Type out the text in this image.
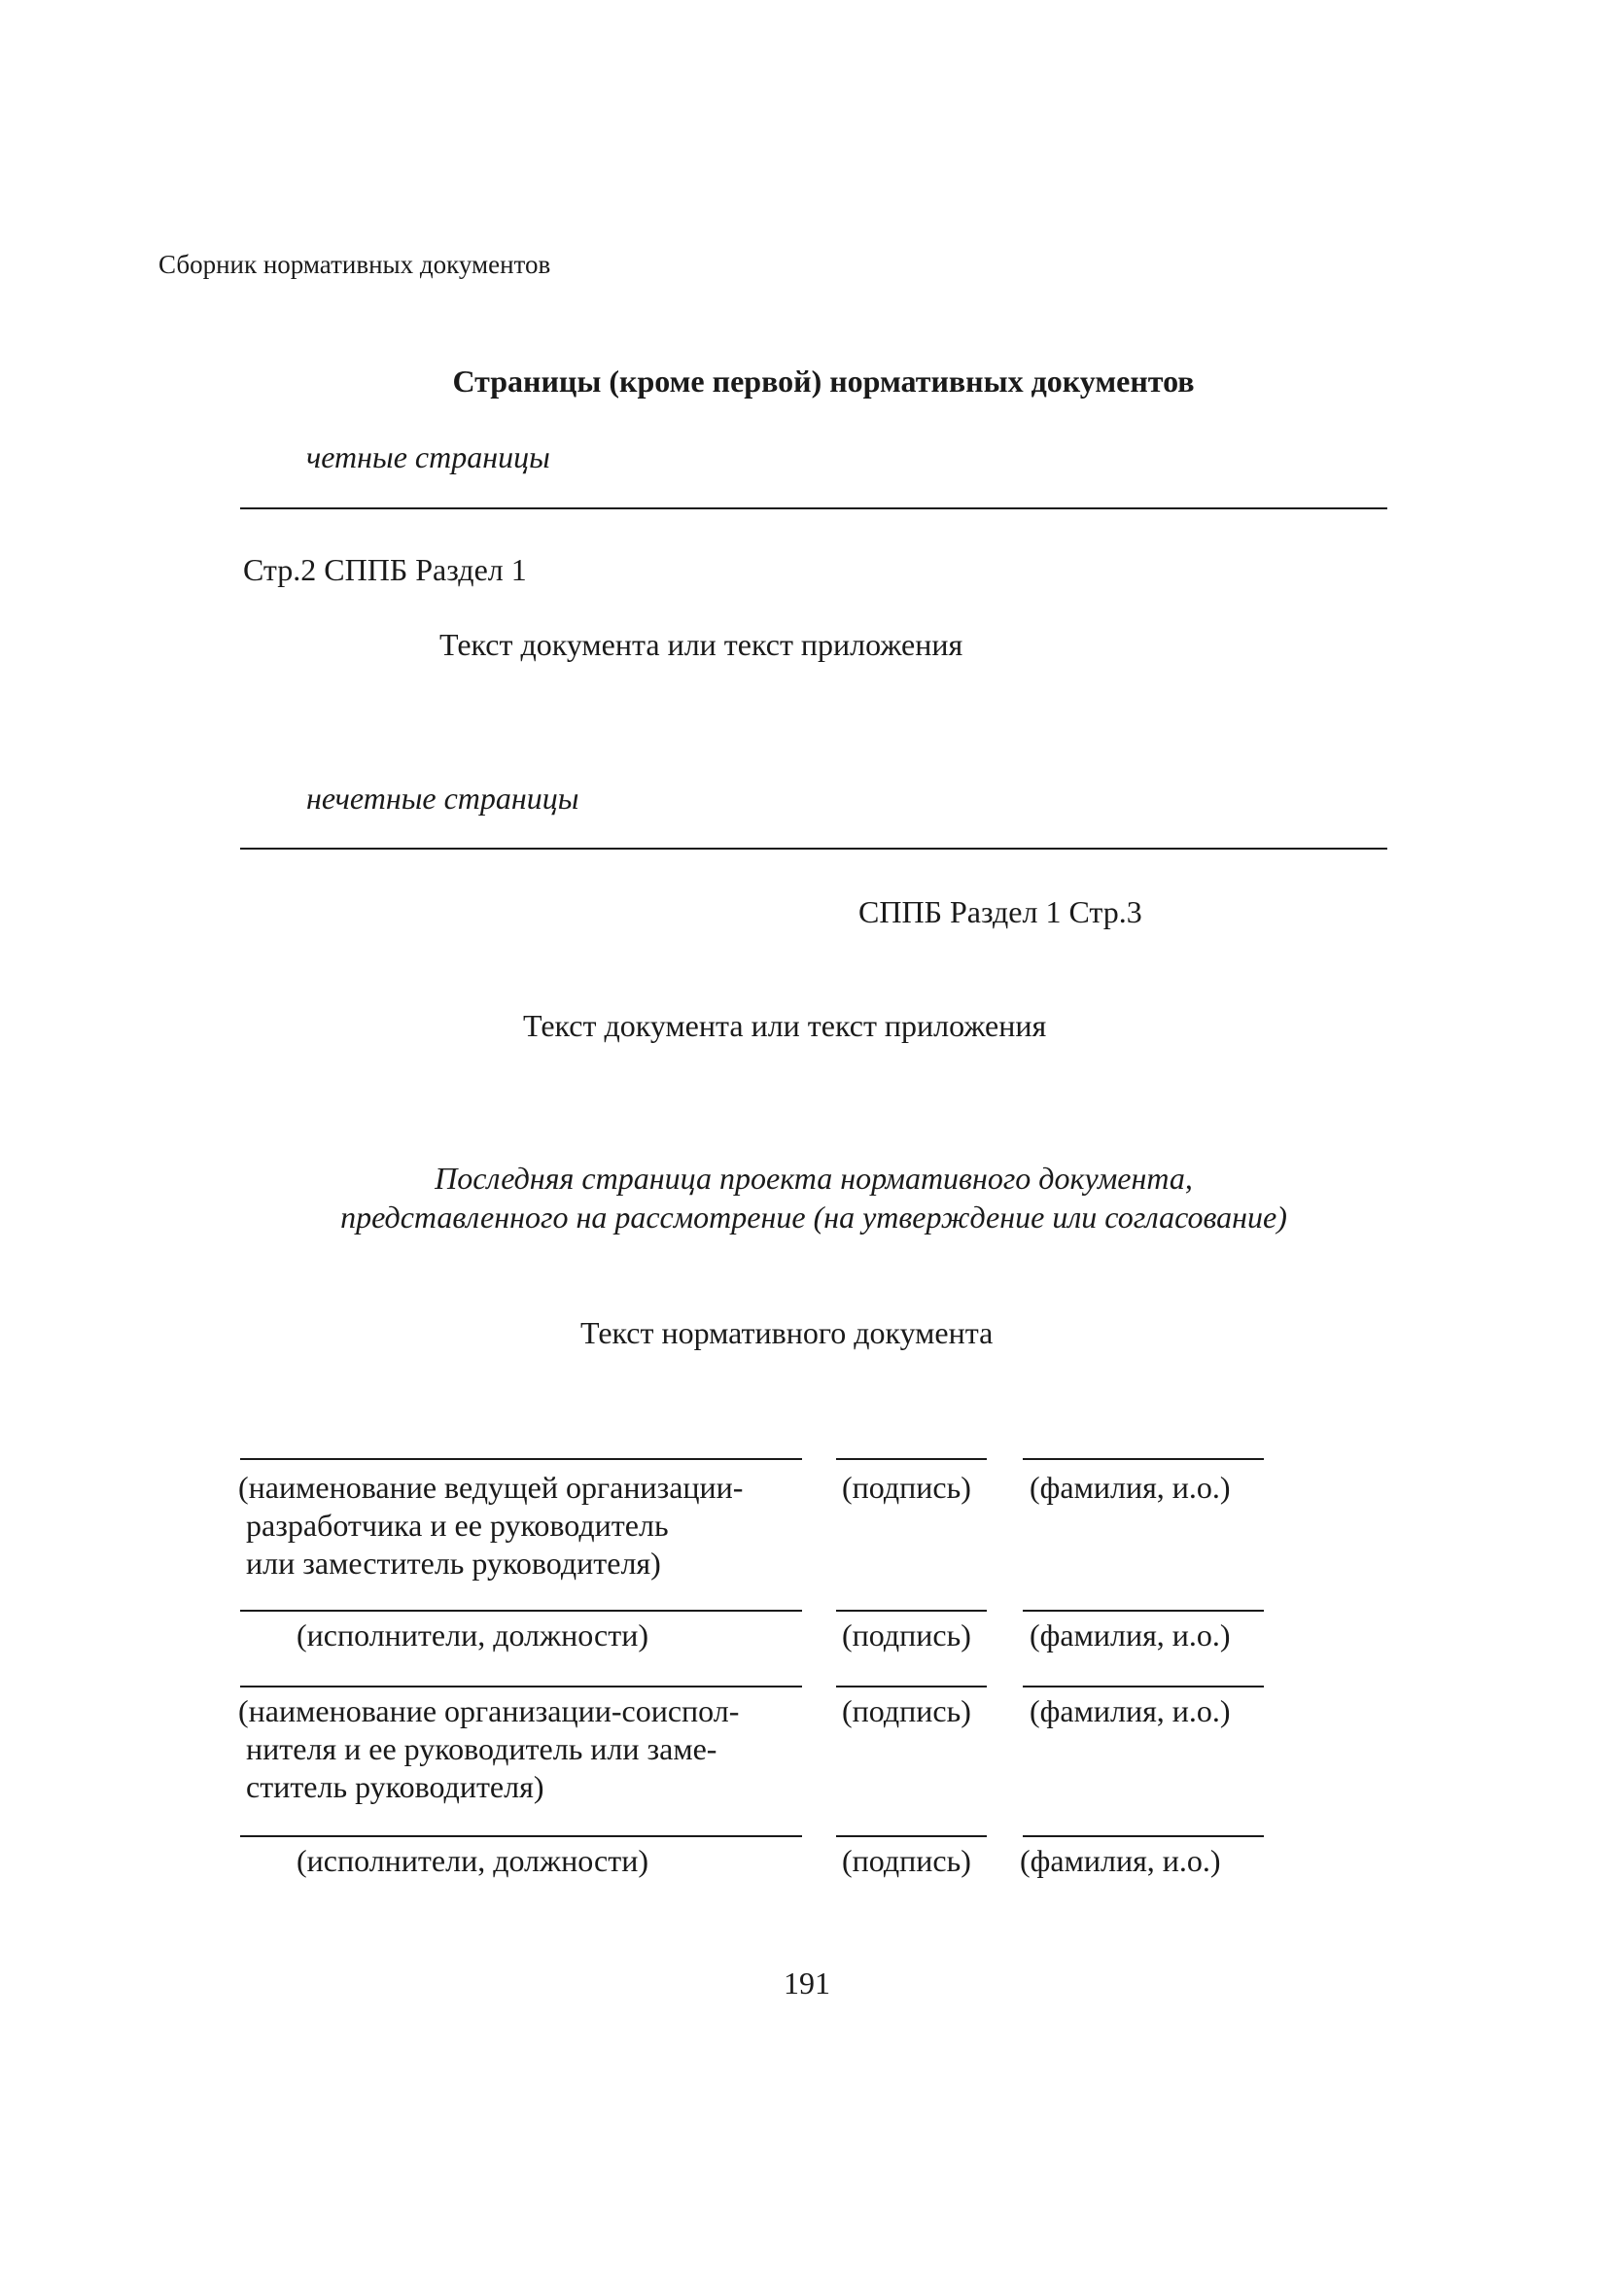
Сборник нормативных документов
Страницы (кроме первой) нормативных документов
четные страницы
Стр.2 СППБ Раздел 1
Текст документа или текст приложения
нечетные страницы
СППБ Раздел 1 Стр.3
Текст документа или текст приложения
Последняя страница проекта нормативного документа,
представленного на рассмотрение (на утверждение или согласование)
Текст нормативного документа
(наименование ведущей организации-
разработчика и ее руководитель
или заместитель руководителя)
(подпись) (фамилия, и.о.)
(исполнители, должности)	(подпись) (фамилия, и.о.)
(наименование организации-соиспол-
нителя и ее руководитель или заме-
ститель руководителя)
(подпись) (фамилия, и.о.)
(исполнители, должности)	(подпись) (фамилия, и.о.)
191
